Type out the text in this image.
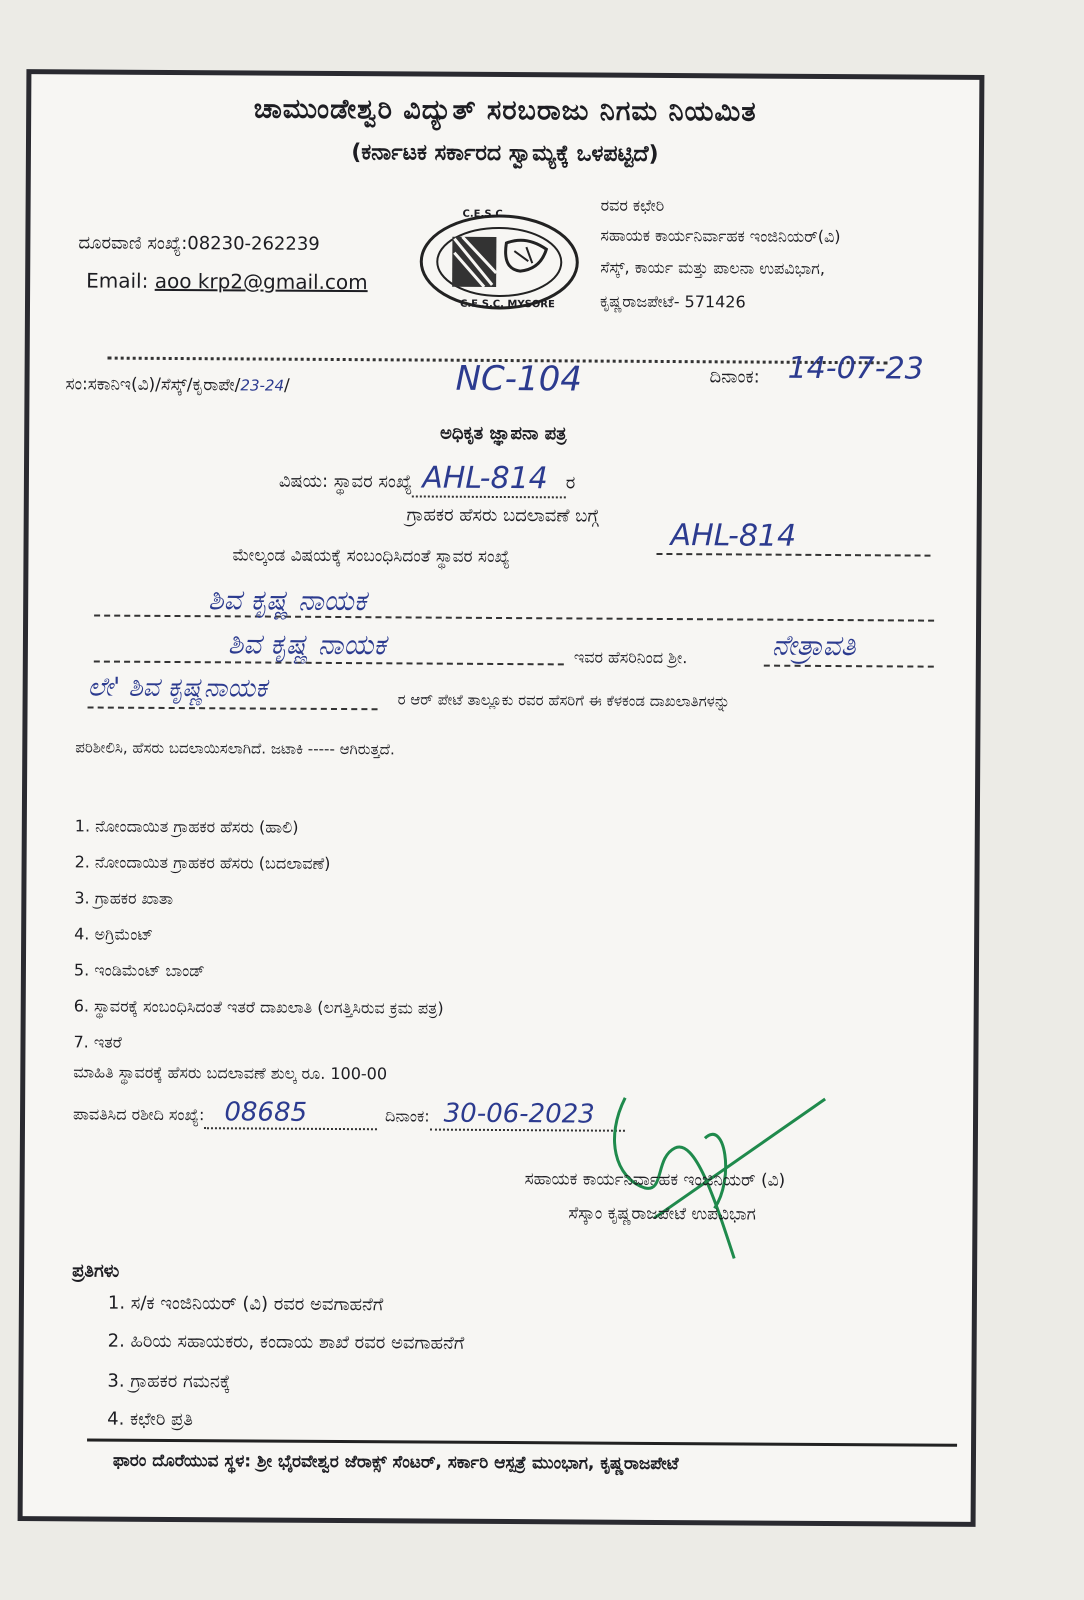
ಚಾಮುಂಡೇಶ್ವರಿ ವಿದ್ಯುತ್ ಸರಬರಾಜು ನಿಗಮ ನಿಯಮಿತ
(ಕರ್ನಾಟಕ ಸರ್ಕಾರದ ಸ್ವಾಮ್ಯಕ್ಕೆ ಒಳಪಟ್ಟಿದೆ)
ದೂರವಾಣಿ ಸಂಖ್ಯೆ:08230-262239
Email: aoo krp2@gmail.com
C.E.S.C.
C.E.S.C. MYSORE
ರವರ ಕಛೇರಿ
ಸಹಾಯಕ ಕಾರ್ಯನಿರ್ವಾಹಕ ಇಂಜಿನಿಯರ್(ವಿ)
ಸೆಸ್ಕ್, ಕಾರ್ಯ ಮತ್ತು ಪಾಲನಾ ಉಪವಿಭಾಗ,
ಕೃಷ್ಣರಾಜಪೇಟೆ- 571426
ಸಂ:ಸಕಾನಿಇ(ವಿ)/ಸೆಸ್ಕ್/ಕೃರಾಪೇ/23-24/	NC-104	ದಿನಾಂಕ: 14-07-23
ಅಧಿಕೃತ ಜ್ಞಾಪನಾ ಪತ್ರ
ವಿಷಯ: ಸ್ಥಾವರ ಸಂಖ್ಯೆ AHL-814 ರ
ಗ್ರಾಹಕರ ಹೆಸರು ಬದಲಾವಣೆ ಬಗ್ಗೆ
ಮೇಲ್ಕಂಡ ವಿಷಯಕ್ಕೆ ಸಂಬಂಧಿಸಿದಂತೆ ಸ್ಥಾವರ ಸಂಖ್ಯೆ
AHL-814
ಶಿವ ಕೃಷ್ಣ ನಾಯಕ
ಶಿವ ಕೃಷ್ಣ ನಾಯಕ	ಇವರ ಹೆಸರಿನಿಂದ ಶ್ರೀ.	ನೇತ್ರಾವತಿ
ಲೇ' ಶಿವ ಕೃಷ್ಣನಾಯಕ	ರ ಆರ್ ಪೇಟೆ ತಾಲ್ಲೂಕು ರವರ ಹೆಸರಿಗೆ ಈ ಕೆಳಕಂಡ ದಾಖಲಾತಿಗಳನ್ನು
ಪರಿಶೀಲಿಸಿ, ಹೆಸರು ಬದಲಾಯಿಸಲಾಗಿದೆ. ಜಟಾಕಿ ----- ಆಗಿರುತ್ತದೆ.
1. ನೋಂದಾಯಿತ ಗ್ರಾಹಕರ ಹೆಸರು (ಹಾಲಿ)
2. ನೋಂದಾಯಿತ ಗ್ರಾಹಕರ ಹೆಸರು (ಬದಲಾವಣೆ)
3. ಗ್ರಾಹಕರ ಖಾತಾ
4. ಅಗ್ರಿಮೆಂಟ್
5. ಇಂಡಿಮೆಂಟ್ ಬಾಂಡ್
6. ಸ್ಥಾವರಕ್ಕೆ ಸಂಬಂಧಿಸಿದಂತೆ ಇತರೆ ದಾಖಲಾತಿ (ಲಗತ್ತಿಸಿರುವ ಕ್ರಮ ಪತ್ರ)
7. ಇತರೆ
ಮಾಹಿತಿ ಸ್ಥಾವರಕ್ಕೆ ಹೆಸರು ಬದಲಾವಣೆ ಶುಲ್ಕ ರೂ. 100-00
ಪಾವತಿಸಿದ ರಶೀದಿ ಸಂಖ್ಯೆ: 08685	ದಿನಾಂಕ: 30-06-2023
ಸಹಾಯಕ ಕಾರ್ಯನಿರ್ವಾಹಕ ಇಂಜಿನಿಯರ್ (ವಿ)
ಸೆಸ್ಕಾಂ ಕೃಷ್ಣರಾಜಪೇಟೆ ಉಪವಿಭಾಗ
ಪ್ರತಿಗಳು
1. ಸ/ಕ ಇಂಜಿನಿಯರ್ (ವಿ) ರವರ ಅವಗಾಹನೆಗೆ
2. ಹಿರಿಯ ಸಹಾಯಕರು, ಕಂದಾಯ ಶಾಖೆ ರವರ ಅವಗಾಹನೆಗೆ
3. ಗ್ರಾಹಕರ ಗಮನಕ್ಕೆ
4. ಕಛೇರಿ ಪ್ರತಿ
ಫಾರಂ ದೊರೆಯುವ ಸ್ಥಳ: ಶ್ರೀ ಭೈರವೇಶ್ವರ ಜೆರಾಕ್ಸ್ ಸೆಂಟರ್, ಸರ್ಕಾರಿ ಆಸ್ಪತ್ರೆ ಮುಂಭಾಗ, ಕೃಷ್ಣರಾಜಪೇಟೆ
